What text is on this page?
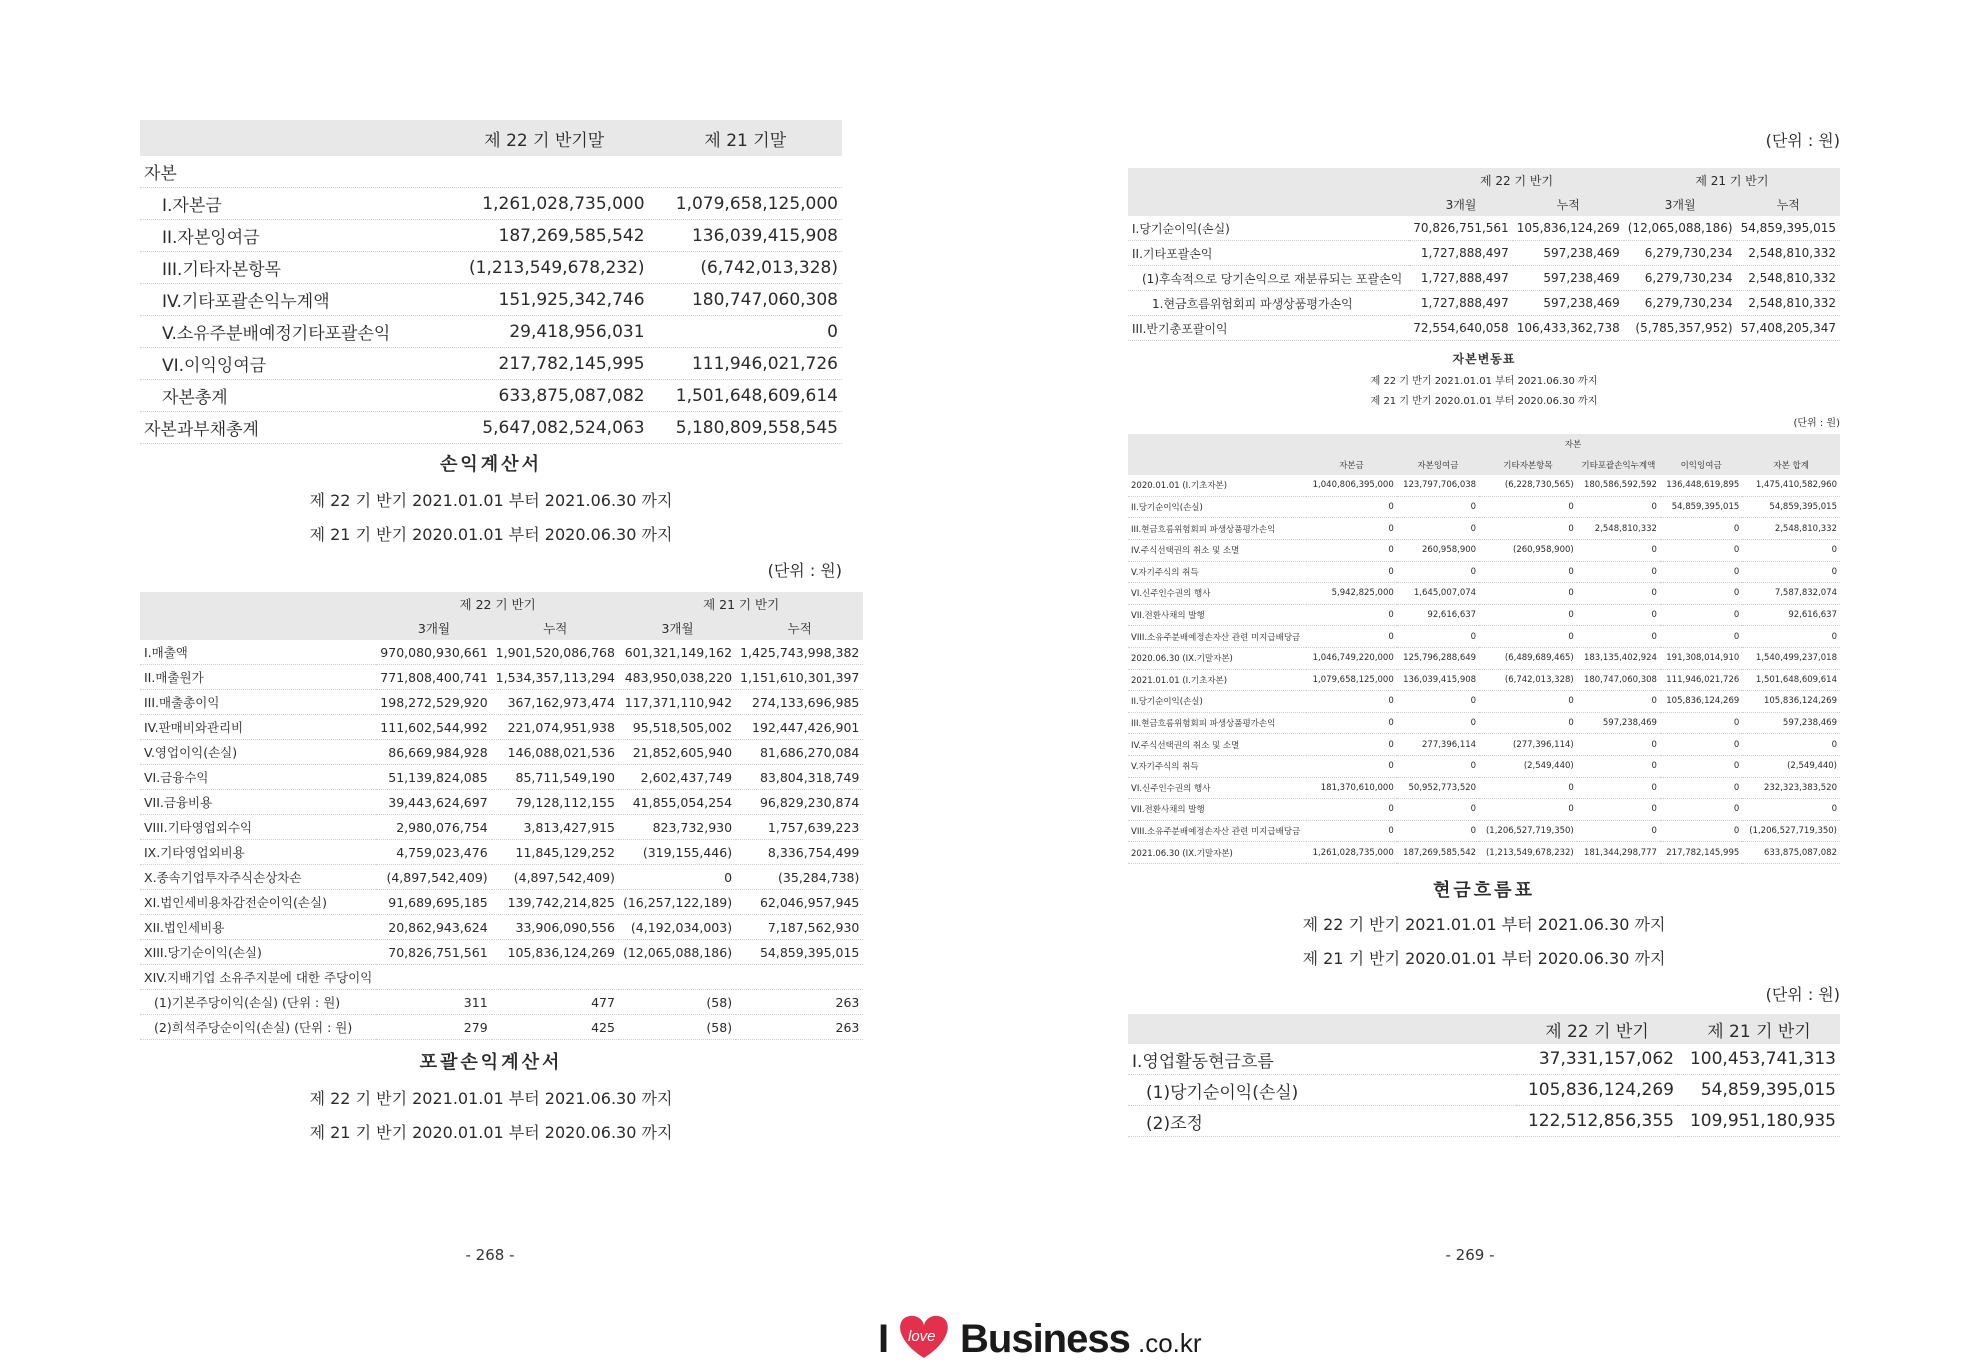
	제 22 기 반기말	제 21 기말
자본		
I.자본금	1,261,028,735,000	1,079,658,125,000
II.자본잉여금	187,269,585,542	136,039,415,908
III.기타자본항목	(1,213,549,678,232)	(6,742,013,328)
IV.기타포괄손익누계액	151,925,342,746	180,747,060,308
V.소유주분배예정기타포괄손익	29,418,956,031	0
VI.이익잉여금	217,782,145,995	111,946,021,726
자본총계	633,875,087,082	1,501,648,609,614
자본과부채총계	5,647,082,524,063	5,180,809,558,545
손익계산서
제 22 기 반기 2021.01.01 부터 2021.06.30 까지
제 21 기 반기 2020.01.01 부터 2020.06.30 까지
(단위 : 원)
	제 22 기 반기		제 21 기 반기	
	3개월	누적	3개월	누적
I.매출액	970,080,930,661	1,901,520,086,768	601,321,149,162	1,425,743,998,382
II.매출원가	771,808,400,741	1,534,357,113,294	483,950,038,220	1,151,610,301,397
III.매출총이익	198,272,529,920	367,162,973,474	117,371,110,942	274,133,696,985
IV.판매비와관리비	111,602,544,992	221,074,951,938	95,518,505,002	192,447,426,901
V.영업이익(손실)	86,669,984,928	146,088,021,536	21,852,605,940	81,686,270,084
VI.금융수익	51,139,824,085	85,711,549,190	2,602,437,749	83,804,318,749
VII.금융비용	39,443,624,697	79,128,112,155	41,855,054,254	96,829,230,874
VIII.기타영업외수익	2,980,076,754	3,813,427,915	823,732,930	1,757,639,223
IX.기타영업외비용	4,759,023,476	11,845,129,252	(319,155,446)	8,336,754,499
X.종속기업투자주식손상차손	(4,897,542,409)	(4,897,542,409)	0	(35,284,738)
XI.법인세비용차감전순이익(손실)	91,689,695,185	139,742,214,825	(16,257,122,189)	62,046,957,945
XII.법인세비용	20,862,943,624	33,906,090,556	(4,192,034,003)	7,187,562,930
XIII.당기순이익(손실)	70,826,751,561	105,836,124,269	(12,065,088,186)	54,859,395,015
XIV.지배기업 소유주지분에 대한 주당이익				
(1)기본주당이익(손실) (단위 : 원)	311	477	(58)	263
(2)희석주당순이익(손실) (단위 : 원)	279	425	(58)	263
포괄손익계산서
제 22 기 반기 2021.01.01 부터 2021.06.30 까지
제 21 기 반기 2020.01.01 부터 2020.06.30 까지
- 268 -
(단위 : 원)
	제 22 기 반기		제 21 기 반기	
	3개월	누적	3개월	누적
I.당기순이익(손실)	70,826,751,561	105,836,124,269	(12,065,088,186)	54,859,395,015
II.기타포괄손익	1,727,888,497	597,238,469	6,279,730,234	2,548,810,332
(1)후속적으로 당기손익으로 재분류되는 포괄손익	1,727,888,497	597,238,469	6,279,730,234	2,548,810,332
1.현금흐름위험회피 파생상품평가손익	1,727,888,497	597,238,469	6,279,730,234	2,548,810,332
III.반기총포괄이익	72,554,640,058	106,433,362,738	(5,785,357,952)	57,408,205,347
자본변동표
제 22 기 반기 2021.01.01 부터 2021.06.30 까지
제 21 기 반기 2020.01.01 부터 2020.06.30 까지
(단위 : 원)
	자본					
	자본금	자본잉여금	기타자본항목	기타포괄손익누계액	이익잉여금	자본 합계
2020.01.01 (I.기초자본)	1,040,806,395,000	123,797,706,038	(6,228,730,565)	180,586,592,592	136,448,619,895	1,475,410,582,960
II.당기순이익(손실)	0	0	0	0	54,859,395,015	54,859,395,015
III.현금흐름위험회피 파생상품평가손익	0	0	0	2,548,810,332	0	2,548,810,332
IV.주식선택권의 취소 및 소멸	0	260,958,900	(260,958,900)	0	0	0
V.자기주식의 취득	0	0	0	0	0	0
VI.신주인수권의 행사	5,942,825,000	1,645,007,074	0	0	0	7,587,832,074
VII.전환사채의 발행	0	92,616,637	0	0	0	92,616,637
VIII.소유주분배예정손자산 관련 미지급배당금	0	0	0	0	0	0
2020.06.30 (IX.기말자본)	1,046,749,220,000	125,796,288,649	(6,489,689,465)	183,135,402,924	191,308,014,910	1,540,499,237,018
2021.01.01 (I.기초자본)	1,079,658,125,000	136,039,415,908	(6,742,013,328)	180,747,060,308	111,946,021,726	1,501,648,609,614
II.당기순이익(손실)	0	0	0	0	105,836,124,269	105,836,124,269
III.현금흐름위험회피 파생상품평가손익	0	0	0	597,238,469	0	597,238,469
IV.주식선택권의 취소 및 소멸	0	277,396,114	(277,396,114)	0	0	0
V.자기주식의 취득	0	0	(2,549,440)	0	0	(2,549,440)
VI.신주인수권의 행사	181,370,610,000	50,952,773,520	0	0	0	232,323,383,520
VII.전환사채의 발행	0	0	0	0	0	0
VIII.소유주분배예정손자산 관련 미지급배당금	0	0	(1,206,527,719,350)	0	0	(1,206,527,719,350)
2021.06.30 (IX.기말자본)	1,261,028,735,000	187,269,585,542	(1,213,549,678,232)	181,344,298,777	217,782,145,995	633,875,087,082
현금흐름표
제 22 기 반기 2021.01.01 부터 2021.06.30 까지
제 21 기 반기 2020.01.01 부터 2020.06.30 까지
(단위 : 원)
	제 22 기 반기	제 21 기 반기
I.영업활동현금흐름	37,331,157,062	100,453,741,313
(1)당기순이익(손실)	105,836,124,269	54,859,395,015
(2)조정	122,512,856,355	109,951,180,935
- 269 -
I love Business .co.kr
